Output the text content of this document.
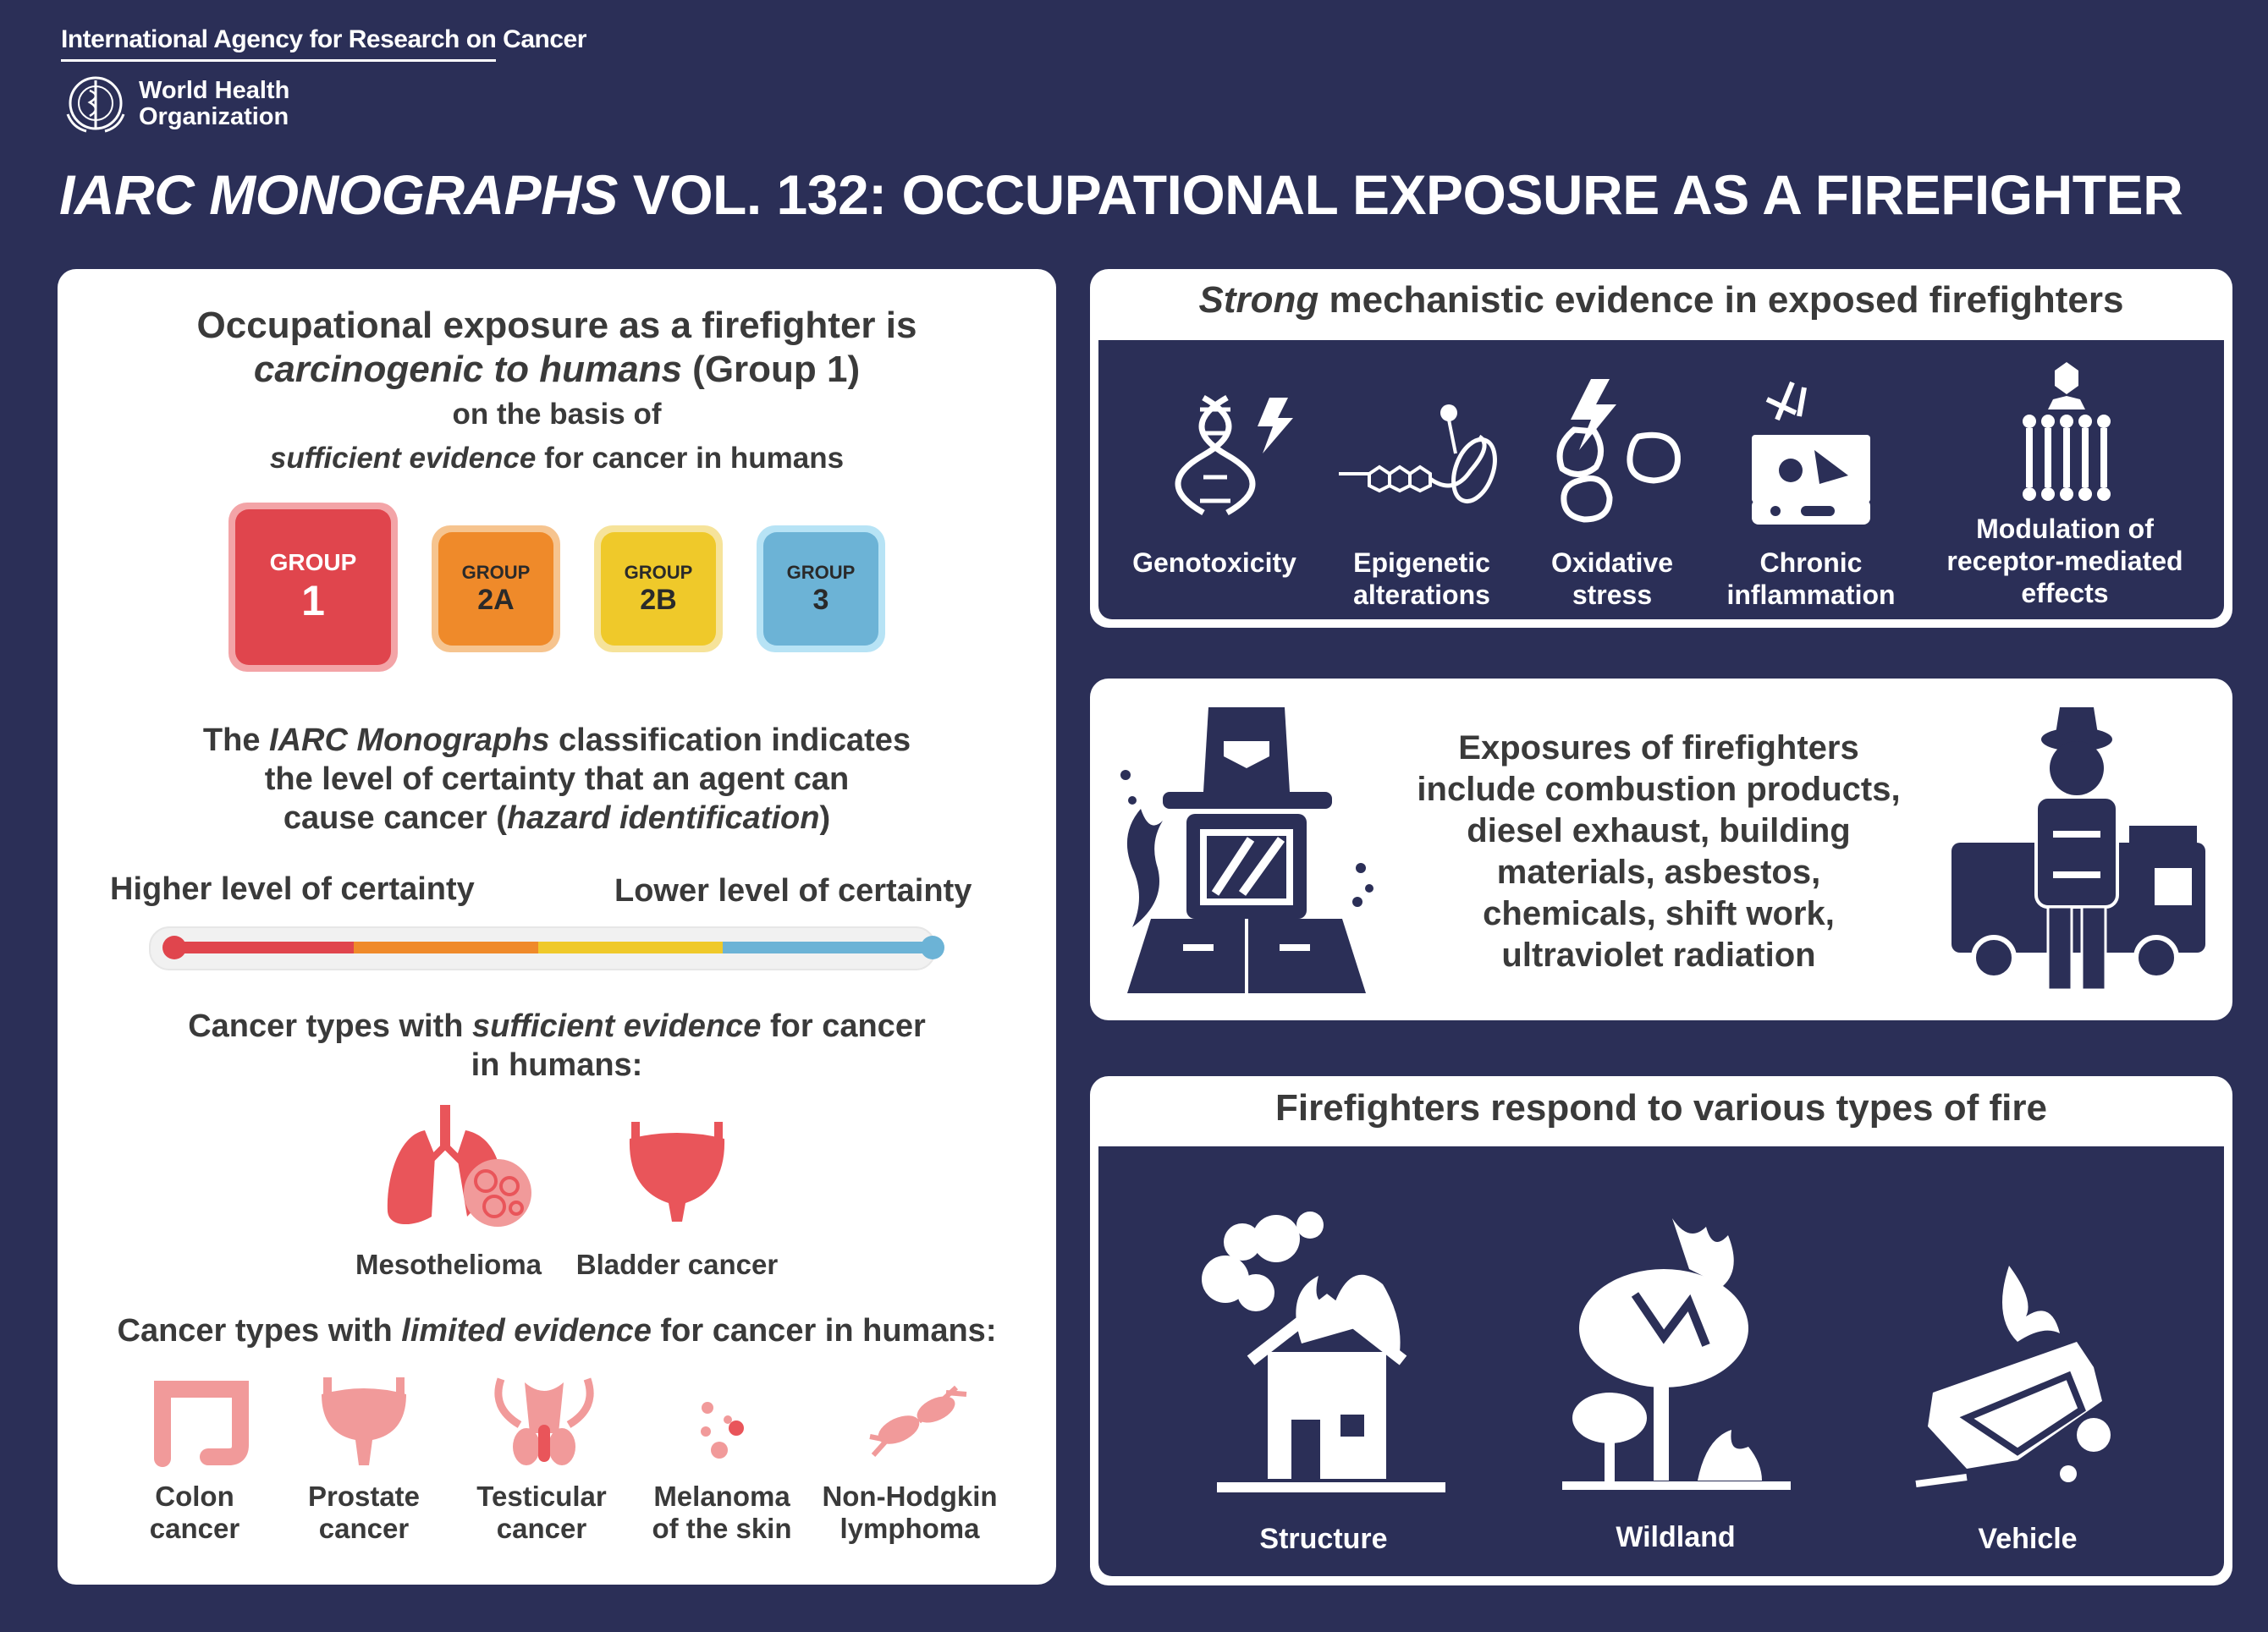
International Agency for Research on Cancer
World Health
Organization
IARC MONOGRAPHS VOL. 132: OCCUPATIONAL EXPOSURE AS A FIREFIGHTER
Occupational exposure as a firefighter is
carcinogenic to humans (Group 1)
on the basis of
sufficient evidence for cancer in humans
GROUP
1
GROUP
2A
GROUP
2B
GROUP
3
The IARC Monographs classification indicates
the level of certainty that an agent can
cause cancer (hazard identification)
Higher level of certainty	Lower level of certainty
Cancer types with sufficient evidence for cancer
in humans:
Cancer types with limited evidence for cancer in humans:
Mesothelioma	Bladder cancer
Colon
cancer
Prostate
cancer
Testicular
cancer
Melanoma
of the skin
Non-Hodgkin
lymphoma
Strong mechanistic evidence in exposed firefighters
Genotoxicity	Epigenetic
alterations
Oxidative
stress
Chronic
inflammation
Modulation of
receptor-mediated
effects
Exposures of firefighters
include combustion products,
diesel exhaust, building
materials, asbestos,
chemicals, shift work,
ultraviolet radiation
Firefighters respond to various types of fire
Structure	Wildland	Vehicle
